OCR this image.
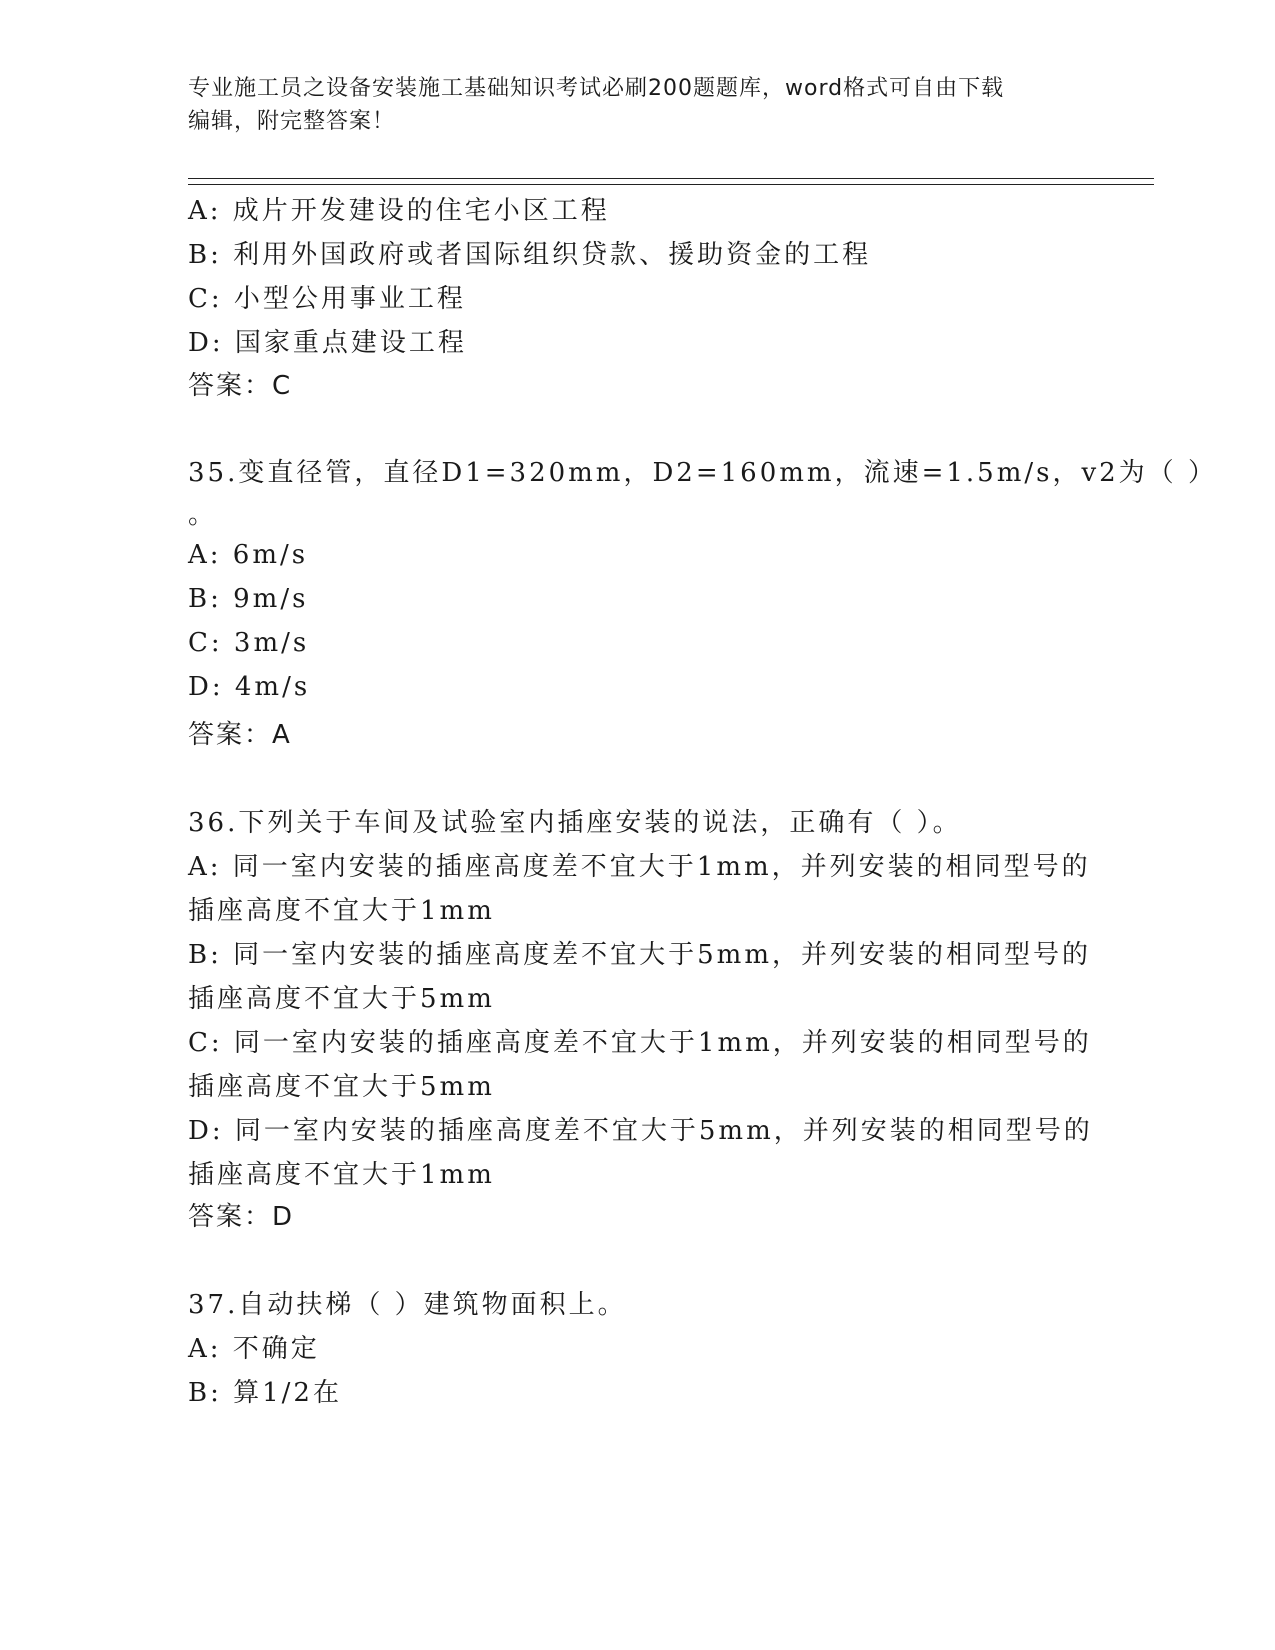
专业施工员之设备安装施工基础知识考试必刷200题题库，word格式可自由下载
编辑，附完整答案！
A: 成片开发建设的住宅小区工程
B: 利用外国政府或者国际组织贷款、援助资金的工程
C: 小型公用事业工程
D: 国家重点建设工程
答案：C
35.变直径管，直径D1=320mm，D2=160mm，流速=1.5m/s，v2为（ ）
。
A: 6m/s
B: 9m/s
C: 3m/s
D: 4m/s
答案：A
36.下列关于车间及试验室内插座安装的说法，正确有（ ）。
A: 同一室内安装的插座高度差不宜大于1mm，并列安装的相同型号的
插座高度不宜大于1mm
B: 同一室内安装的插座高度差不宜大于5mm，并列安装的相同型号的
插座高度不宜大于5mm
C: 同一室内安装的插座高度差不宜大于1mm，并列安装的相同型号的
插座高度不宜大于5mm
D: 同一室内安装的插座高度差不宜大于5mm，并列安装的相同型号的
插座高度不宜大于1mm
答案：D
37.自动扶梯（ ）建筑物面积上。
A: 不确定
B: 算1/2在
